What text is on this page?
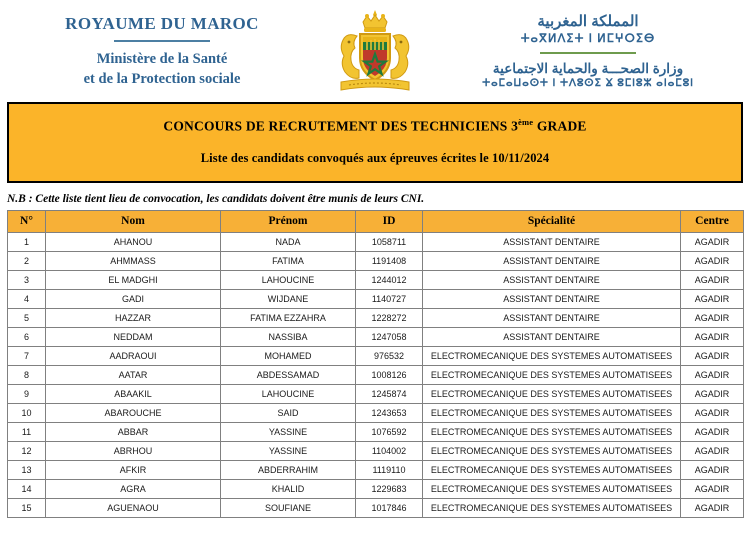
ROYAUME DU MAROC
Ministère de la Santé
et de la Protection sociale
المملكة المغربية
ⵜⴰⴳⵍⴷⵉⵜ ⵏ ⵍⵎⵖⵔⵉⴱ
وزارة الصحـــة والحماية الاجتماعية
ⵜⴰⵎⴰⵡⴰⵙⵜ ⵏ ⵜⴷⵓⵙⵉ ⴴ ⵓⵎⵏⵓⵣ ⴰⵏⴰⵎⵓⵏ
CONCOURS DE RECRUTEMENT DES TECHNICIENS 3ème GRADE
Liste des candidats convoqués aux épreuves écrites le 10/11/2024
N.B : Cette liste tient lieu de convocation, les candidats doivent être munis de leurs CNI.
N°	Nom	Prénom	ID	Spécialité	Centre
1	AHANOU	NADA	1058711	ASSISTANT DENTAIRE	AGADIR
2	AHMMASS	FATIMA	1191408	ASSISTANT DENTAIRE	AGADIR
3	EL MADGHI	LAHOUCINE	1244012	ASSISTANT DENTAIRE	AGADIR
4	GADI	WIJDANE	1140727	ASSISTANT DENTAIRE	AGADIR
5	HAZZAR	FATIMA EZZAHRA	1228272	ASSISTANT DENTAIRE	AGADIR
6	NEDDAM	NASSIBA	1247058	ASSISTANT DENTAIRE	AGADIR
7	AADRAOUI	MOHAMED	976532	ELECTROMECANIQUE DES SYSTEMES AUTOMATISEES	AGADIR
8	AATAR	ABDESSAMAD	1008126	ELECTROMECANIQUE DES SYSTEMES AUTOMATISEES	AGADIR
9	ABAAKIL	LAHOUCINE	1245874	ELECTROMECANIQUE DES SYSTEMES AUTOMATISEES	AGADIR
10	ABAROUCHE	SAID	1243653	ELECTROMECANIQUE DES SYSTEMES AUTOMATISEES	AGADIR
11	ABBAR	YASSINE	1076592	ELECTROMECANIQUE DES SYSTEMES AUTOMATISEES	AGADIR
12	ABRHOU	YASSINE	1104002	ELECTROMECANIQUE DES SYSTEMES AUTOMATISEES	AGADIR
13	AFKIR	ABDERRAHIM	1119110	ELECTROMECANIQUE DES SYSTEMES AUTOMATISEES	AGADIR
14	AGRA	KHALID	1229683	ELECTROMECANIQUE DES SYSTEMES AUTOMATISEES	AGADIR
15	AGUENAOU	SOUFIANE	1017846	ELECTROMECANIQUE DES SYSTEMES AUTOMATISEES	AGADIR
